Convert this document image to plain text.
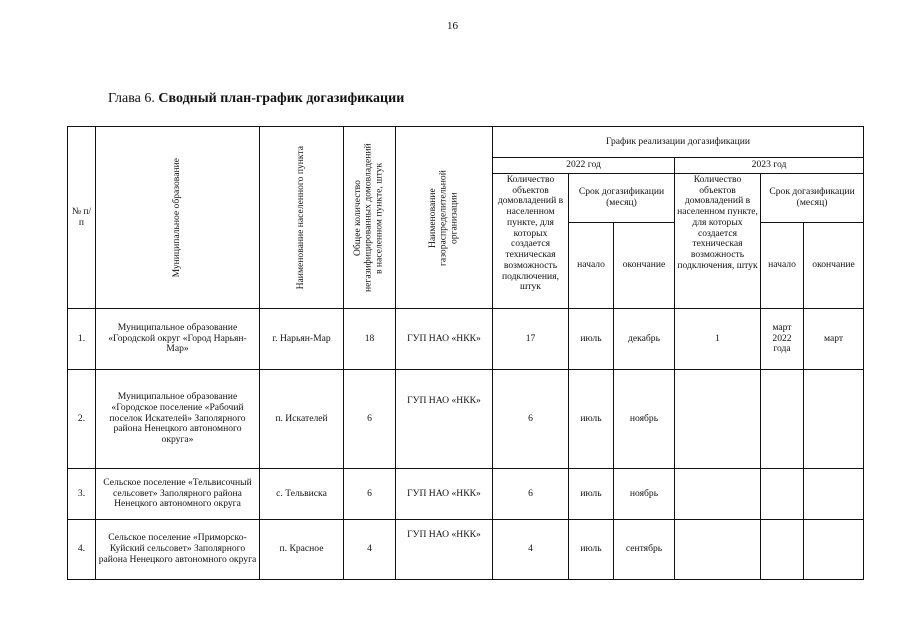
16
Глава 6. Сводный план-график догазификации
№ п/п	Муниципальное образование	Наименование населенного пункта	Общее количество негазифицированных домовладений в населенном пункте, штук	Наименование газораспределительной организации	График реализации догазификации					
					2022 год			2023 год		
					Количество объектов домовладений в населенном пункте, для которых создается техническая возможность подключения, штук	Срок догазификации (месяц)		Количество объектов домовладений в населенном пункте, для которых создается техническая возможность подключения, штук	Срок догазификации (месяц)	
						начало	окончание		начало	окончание
1.	Муниципальное образование «Городской округ «Город Нарьян-Мар»	г. Нарьян-Мар	18	ГУП НАО «НКК»	17	июль	декабрь	1	март 2022 года	март
2.	Муниципальное образование «Городское поселение «Рабочий поселок Искателей» Заполярного района Ненецкого автономного округа»	п. Искателей	6	ГУП НАО «НКК»	6	июль	ноябрь			
3.	Сельское поселение «Тельвисочный сельсовет» Заполярного района Ненецкого автономного округа	с. Тельвиска	6	ГУП НАО «НКК»	6	июль	ноябрь			
4.	Сельское поселение «Приморско-Куйский сельсовет» Заполярного района Ненецкого автономного округа	п. Красное	4	ГУП НАО «НКК»	4	июль	сентябрь			
